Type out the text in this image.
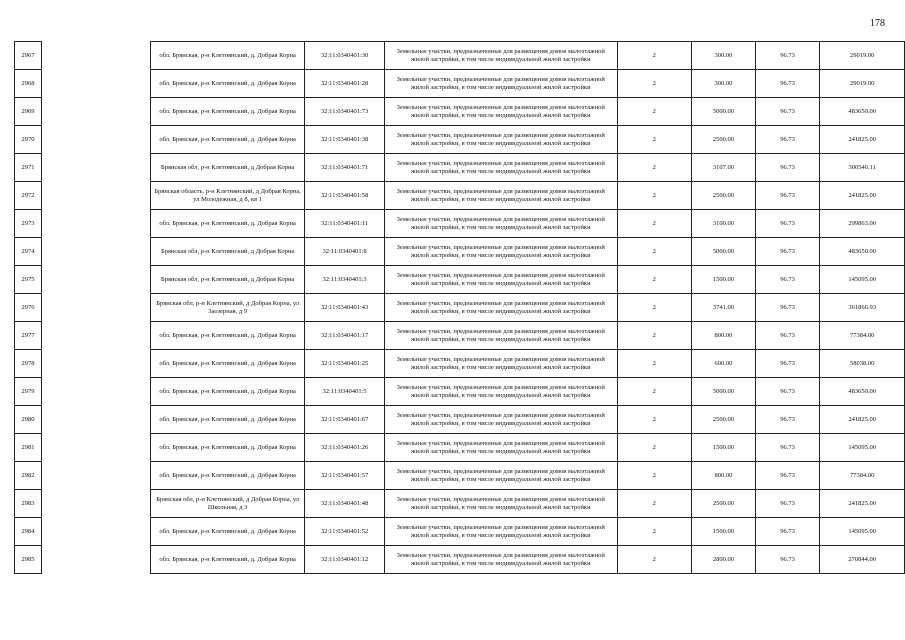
178
2967		обл. Брянская, р-н Клетнянский, д. Добрая Корна	32:11:0340401:30	Земельные участки, предназначенные для размещения домов малоэтажной жилой застройки, в том числе индивидуальной жилой застройки	2	300.00	96.73	29019.00
2968		обл. Брянская, р-н Клетнянский, д. Добрая Корна	32:11:0340401:28	Земельные участки, предназначенные для размещения домов малоэтажной жилой застройки, в том числе индивидуальной жилой застройки	2	300.00	96.73	29019.00
2969		обл. Брянская, р-н Клетнянский, д. Добрая Корна	32:11:0340401:73	Земельные участки, предназначенные для размещения домов малоэтажной жилой застройки, в том числе индивидуальной жилой застройки	2	5000.00	96.73	483650.00
2970		обл. Брянская, р-н Клетнянский, д. Добрая Корна	32:11:0340401:38	Земельные участки, предназначенные для размещения домов малоэтажной жилой застройки, в том числе индивидуальной жилой застройки	2	2500.00	96.73	241825.00
2971		Брянская обл, р-н Клетнянский, д Добрая Корна	32:11:0340401:71	Земельные участки, предназначенные для размещения домов малоэтажной жилой застройки, в том числе индивидуальной жилой застройки	2	3107.00	96.73	300540.11
2972		Брянская область, р-н Клетнянский, д Добрая Корна, ул Молодежная, д 8, кв 1	32:11:0340401:58	Земельные участки, предназначенные для размещения домов малоэтажной жилой застройки, в том числе индивидуальной жилой застройки	2	2500.00	96.73	241825.00
2973		обл. Брянская, р-н Клетнянский, д. Добрая Корна	32:11:0340401:11	Земельные участки, предназначенные для размещения домов малоэтажной жилой застройки, в том числе индивидуальной жилой застройки	2	3100.00	96.73	299863.00
2974		Брянская обл, р-н Клетнянский, д Добрая Корна	32:11:0340401:8	Земельные участки, предназначенные для размещения домов малоэтажной жилой застройки, в том числе индивидуальной жилой застройки	2	5000.00	96.73	483650.00
2975		Брянская обл, р-н Клетнянский, д Добрая Корна	32:11:0340401:3	Земельные участки, предназначенные для размещения домов малоэтажной жилой застройки, в том числе индивидуальной жилой застройки	2	1500.00	96.73	145095.00
2976		Брянская обл, р-н Клетнянский, д Добрая Корна, ул Заозерная, д 9	32:11:0340401:43	Земельные участки, предназначенные для размещения домов малоэтажной жилой застройки, в том числе индивидуальной жилой застройки	2	3741.00	96.73	361866.93
2977		обл. Брянская, р-н Клетнянский, д. Добрая Корна	32:11:0340401:17	Земельные участки, предназначенные для размещения домов малоэтажной жилой застройки, в том числе индивидуальной жилой застройки	2	800.00	96.73	77384.00
2978		обл. Брянская, р-н Клетнянский, д. Добрая Корна	32:11:0340401:25	Земельные участки, предназначенные для размещения домов малоэтажной жилой застройки, в том числе индивидуальной жилой застройки	2	600.00	96.73	58038.00
2979		обл. Брянская, р-н Клетнянский, д. Добрая Корна	32:11:0340401:5	Земельные участки, предназначенные для размещения домов малоэтажной жилой застройки, в том числе индивидуальной жилой застройки	2	5000.00	96.73	483650.00
2980		обл. Брянская, р-н Клетнянский, д. Добрая Корна	32:11:0340401:67	Земельные участки, предназначенные для размещения домов малоэтажной жилой застройки, в том числе индивидуальной жилой застройки	2	2500.00	96.73	241825.00
2981		обл. Брянская, р-н Клетнянский, д. Добрая Корна	32:11:0340401:26	Земельные участки, предназначенные для размещения домов малоэтажной жилой застройки, в том числе индивидуальной жилой застройки	2	1500.00	96.73	145095.00
2982		обл. Брянская, р-н Клетнянский, д. Добрая Корна	32:11:0340401:57	Земельные участки, предназначенные для размещения домов малоэтажной жилой застройки, в том числе индивидуальной жилой застройки	2	800.00	96.73	77384.00
2983		Брянская обл, р-н Клетнянский, д Добрая Корна, ул Школьная, д 3	32:11:0340401:48	Земельные участки, предназначенные для размещения домов малоэтажной жилой застройки, в том числе индивидуальной жилой застройки	2	2500.00	96.73	241825.00
2984		обл. Брянская, р-н Клетнянский, д. Добрая Корна	32:11:0340401:52	Земельные участки, предназначенные для размещения домов малоэтажной жилой застройки, в том числе индивидуальной жилой застройки	2	1500.00	96.73	145095.00
2985		обл. Брянская, р-н Клетнянский, д. Добрая Корна	32:11:0340401:12	Земельные участки, предназначенные для размещения домов малоэтажной жилой застройки, в том числе индивидуальной жилой застройки	2	2800.00	96.73	270844.00
